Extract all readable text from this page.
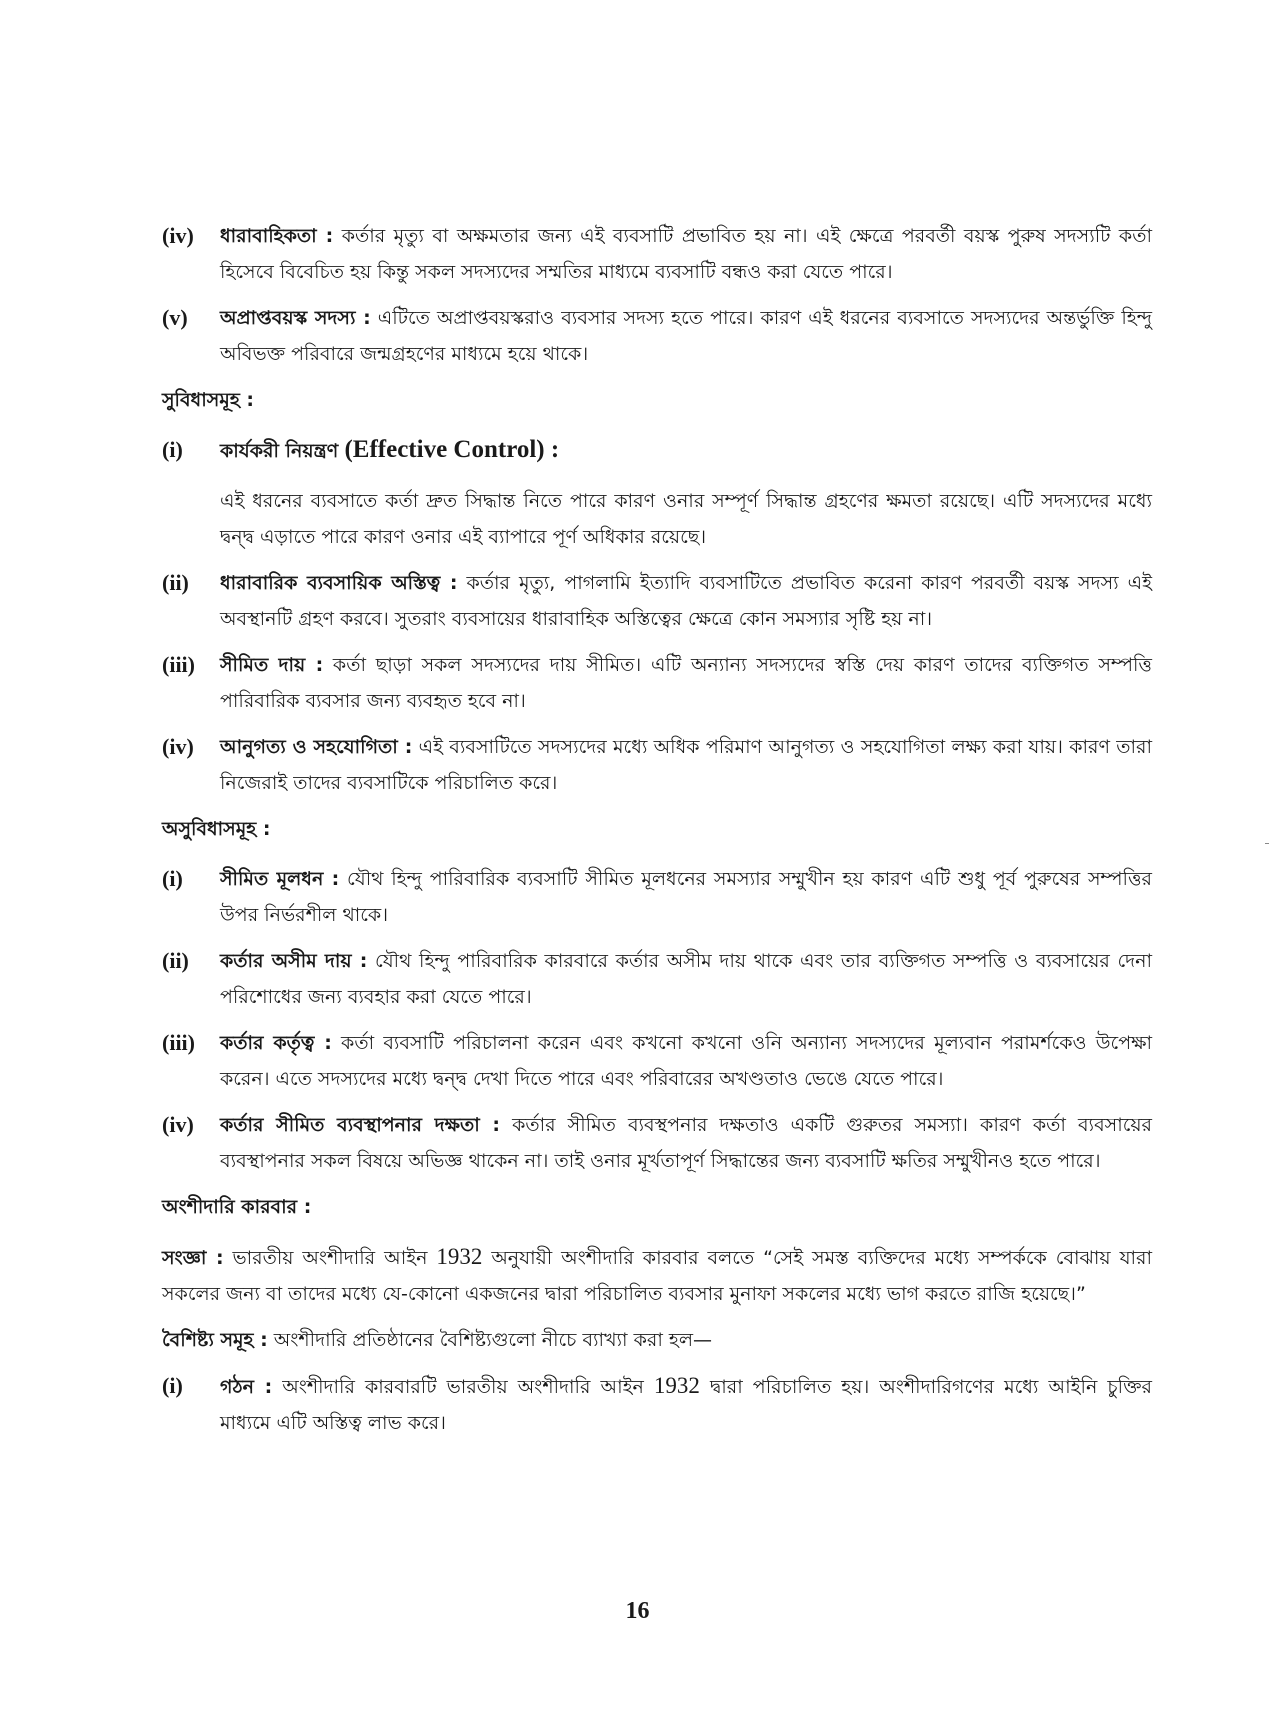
(iv)	ধারাবাহিকতা : কর্তার মৃত্যু বা অক্ষমতার জন্য এই ব্যবসাটি প্রভাবিত হয় না। এই ক্ষেত্রে পরবর্তী বয়স্ক পুরুষ সদস্যটি কর্তা হিসেবে বিবেচিত হয় কিন্তু সকল সদস্যদের সম্মতির মাধ্যমে ব্যবসাটি বন্ধও করা যেতে পারে।
(v)	অপ্রাপ্তবয়স্ক সদস্য : এটিতে অপ্রাপ্তবয়স্করাও ব্যবসার সদস্য হতে পারে। কারণ এই ধরনের ব্যবসাতে সদস্যদের অন্তর্ভুক্তি হিন্দু অবিভক্ত পরিবারে জন্মগ্রহণের মাধ্যমে হয়ে থাকে।
সুবিধাসমূহ :
(i)	কার্যকরী নিয়ন্ত্রণ (Effective Control) :
এই ধরনের ব্যবসাতে কর্তা দ্রুত সিদ্ধান্ত নিতে পারে কারণ ওনার সম্পূর্ণ সিদ্ধান্ত গ্রহণের ক্ষমতা রয়েছে। এটি সদস্যদের মধ্যে দ্বন্দ্ব এড়াতে পারে কারণ ওনার এই ব্যাপারে পূর্ণ অধিকার রয়েছে।
(ii)	ধারাবারিক ব্যবসায়িক অস্তিত্ব : কর্তার মৃত্যু, পাগলামি ইত্যাদি ব্যবসাটিতে প্রভাবিত করেনা কারণ পরবর্তী বয়স্ক সদস্য এই অবস্থানটি গ্রহণ করবে। সুতরাং ব্যবসায়ের ধারাবাহিক অস্তিত্বের ক্ষেত্রে কোন সমস্যার সৃষ্টি হয় না।
(iii)	সীমিত দায় : কর্তা ছাড়া সকল সদস্যদের দায় সীমিত। এটি অন্যান্য সদস্যদের স্বস্তি দেয় কারণ তাদের ব্যক্তিগত সম্পত্তি পারিবারিক ব্যবসার জন্য ব্যবহৃত হবে না।
(iv)	আনুগত্য ও সহযোগিতা : এই ব্যবসাটিতে সদস্যদের মধ্যে অধিক পরিমাণ আনুগত্য ও সহযোগিতা লক্ষ্য করা যায়। কারণ তারা নিজেরাই তাদের ব্যবসাটিকে পরিচালিত করে।
অসুবিধাসমূহ :
(i)	সীমিত মূলধন : যৌথ হিন্দু পারিবারিক ব্যবসাটি সীমিত মূলধনের সমস্যার সম্মুখীন হয় কারণ এটি শুধু পূর্ব পুরুষের সম্পত্তির উপর নির্ভরশীল থাকে।
(ii)	কর্তার অসীম দায় : যৌথ হিন্দু পারিবারিক কারবারে কর্তার অসীম দায় থাকে এবং তার ব্যক্তিগত সম্পত্তি ও ব্যবসায়ের দেনা পরিশোধের জন্য ব্যবহার করা যেতে পারে।
(iii)	কর্তার কর্তৃত্ব : কর্তা ব্যবসাটি পরিচালনা করেন এবং কখনো কখনো ওনি অন্যান্য সদস্যদের মূল্যবান পরামর্শকেও উপেক্ষা করেন। এতে সদস্যদের মধ্যে দ্বন্দ্ব দেখা দিতে পারে এবং পরিবারের অখণ্ডতাও ভেঙে যেতে পারে।
(iv)	কর্তার সীমিত ব্যবস্থাপনার দক্ষতা : কর্তার সীমিত ব্যবস্থপনার দক্ষতাও একটি গুরুতর সমস্যা। কারণ কর্তা ব্যবসায়ের ব্যবস্থাপনার সকল বিষয়ে অভিজ্ঞ থাকেন না। তাই ওনার মূর্খতাপূর্ণ সিদ্ধান্তের জন্য ব্যবসাটি ক্ষতির সম্মুখীনও হতে পারে।
অংশীদারি কারবার :
সংজ্ঞা : ভারতীয় অংশীদারি আইন 1932 অনুযায়ী অংশীদারি কারবার বলতে “সেই সমস্ত ব্যক্তিদের মধ্যে সম্পর্ককে বোঝায় যারা সকলের জন্য বা তাদের মধ্যে যে-কোনো একজনের দ্বারা পরিচালিত ব্যবসার মুনাফা সকলের মধ্যে ভাগ করতে রাজি হয়েছে।”
বৈশিষ্ট্য সমূহ : অংশীদারি প্রতিষ্ঠানের বৈশিষ্ট্যগুলো নীচে ব্যাখ্যা করা হল—
(i)	গঠন : অংশীদারি কারবারটি ভারতীয় অংশীদারি আইন 1932 দ্বারা পরিচালিত হয়। অংশীদারিগণের মধ্যে আইনি চুক্তির মাধ্যমে এটি অস্তিত্ব লাভ করে।
16
